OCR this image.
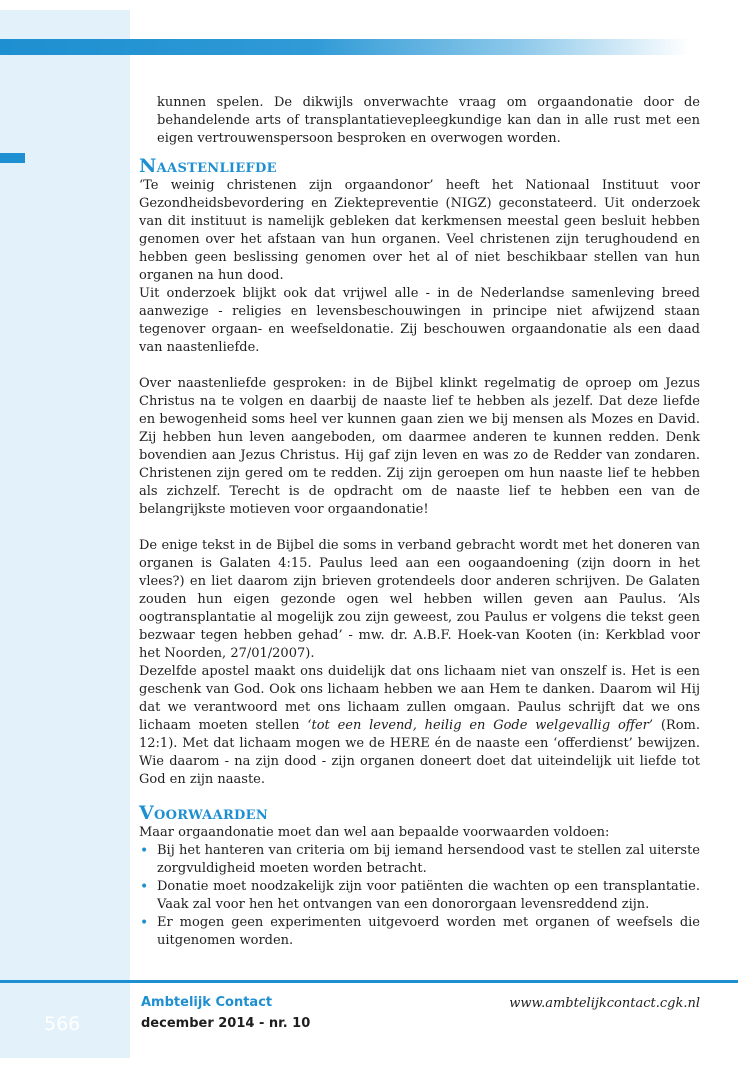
kunnen spelen. De dikwijls onverwachte vraag om orgaandonatie door de behandelende arts of transplantatievepleegkundige kan dan in alle rust met een eigen vertrouwenspersoon besproken en overwogen worden.

Naastenliefde

‘Te weinig christenen zijn orgaandonor’ heeft het Nationaal Instituut voor Gezondheidsbevordering en Ziektepreventie (NIGZ) geconstateerd. Uit onderzoek van dit instituut is namelijk gebleken dat kerkmensen meestal geen besluit hebben genomen over het afstaan van hun organen. Veel christenen zijn terughoudend en hebben geen beslissing genomen over het al of niet beschikbaar stellen van hun organen na hun dood.

Uit onderzoek blijkt ook dat vrijwel alle - in de Nederlandse samenleving breed aanwezige - religies en levensbeschouwingen in principe niet afwijzend staan tegenover orgaan- en weefseldonatie. Zij beschouwen orgaandonatie als een daad van naastenliefde.

Over naastenliefde gesproken: in de Bijbel klinkt regelmatig de oproep om Jezus Christus na te volgen en daarbij de naaste lief te hebben als jezelf. Dat deze liefde en bewogenheid soms heel ver kunnen gaan zien we bij mensen als Mozes en David. Zij hebben hun leven aangeboden, om daarmee anderen te kunnen redden. Denk bovendien aan Jezus Christus. Hij gaf zijn leven en was zo de Redder van zondaren. Christenen zijn gered om te redden. Zij zijn geroepen om hun naaste lief te hebben als zichzelf. Terecht is de opdracht om de naaste lief te hebben een van de belangrijkste motieven voor orgaandonatie!

De enige tekst in de Bijbel die soms in verband gebracht wordt met het doneren van organen is Galaten 4:15. Paulus leed aan een oogaandoening (zijn doorn in het vlees?) en liet daarom zijn brieven grotendeels door anderen schrijven. De Galaten zouden hun eigen gezonde ogen wel hebben willen geven aan Paulus. ‘Als oogtransplantatie al mogelijk zou zijn geweest, zou Paulus er volgens die tekst geen bezwaar tegen hebben gehad’ - mw. dr. A.B.F. Hoek-van Kooten (in: Kerkblad voor het Noorden, 27/01/2007).

Dezelfde apostel maakt ons duidelijk dat ons lichaam niet van onszelf is. Het is een geschenk van God. Ook ons lichaam hebben we aan Hem te danken. Daarom wil Hij dat we verantwoord met ons lichaam zullen omgaan. Paulus schrijft dat we ons lichaam moeten stellen ‘tot een levend, heilig en Gode welgevallig offer’ (Rom. 12:1). Met dat lichaam mogen we de HERE én de naaste een ‘offerdienst’ bewijzen. Wie daarom - na zijn dood - zijn organen doneert doet dat uiteindelijk uit liefde tot God en zijn naaste.

Voorwaarden

Maar orgaandonatie moet dan wel aan bepaalde voorwaarden voldoen:

• Bij het hanteren van criteria om bij iemand hersendood vast te stellen zal uiterste zorgvuldigheid moeten worden betracht.
• Donatie moet noodzakelijk zijn voor patiënten die wachten op een transplantatie. Vaak zal voor hen het ontvangen van een donororgaan levensreddend zijn.
• Er mogen geen experimenten uitgevoerd worden met organen of weefsels die uitgenomen worden.
566
Ambtelijk Contact
december 2014 - nr. 10
www.ambtelijkcontact.cgk.nl
